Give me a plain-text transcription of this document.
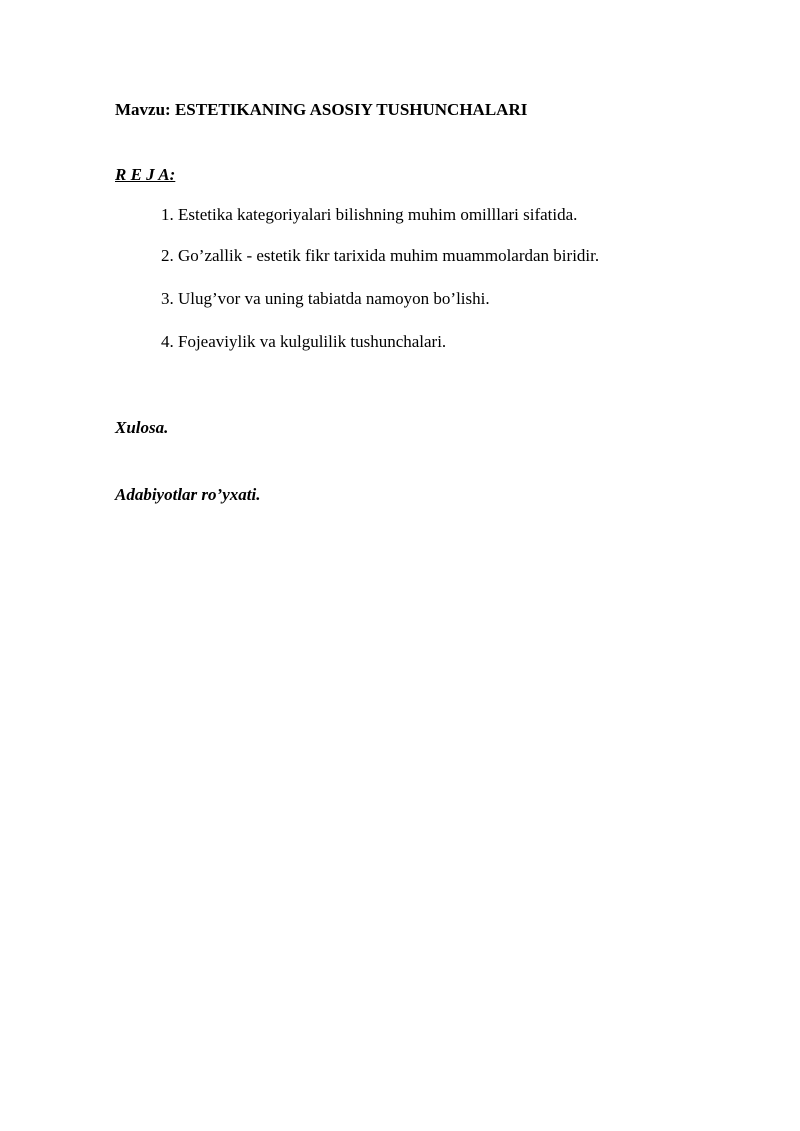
Mavzu: ESTETIKANING ASOSIY TUSHUNCHALARI
R E J A:
1. Estetika kategoriyalari bilishning muhim omilllari sifatida.
2. Go’zallik - estetik fikr tarixida muhim muammolardan biridir.
3. Ulug’vor va uning tabiatda namoyon bo’lishi.
4. Fojeaviylik va kulgulilik tushunchalari.
Xulosa.
Adabiyotlar ro’yxati.
